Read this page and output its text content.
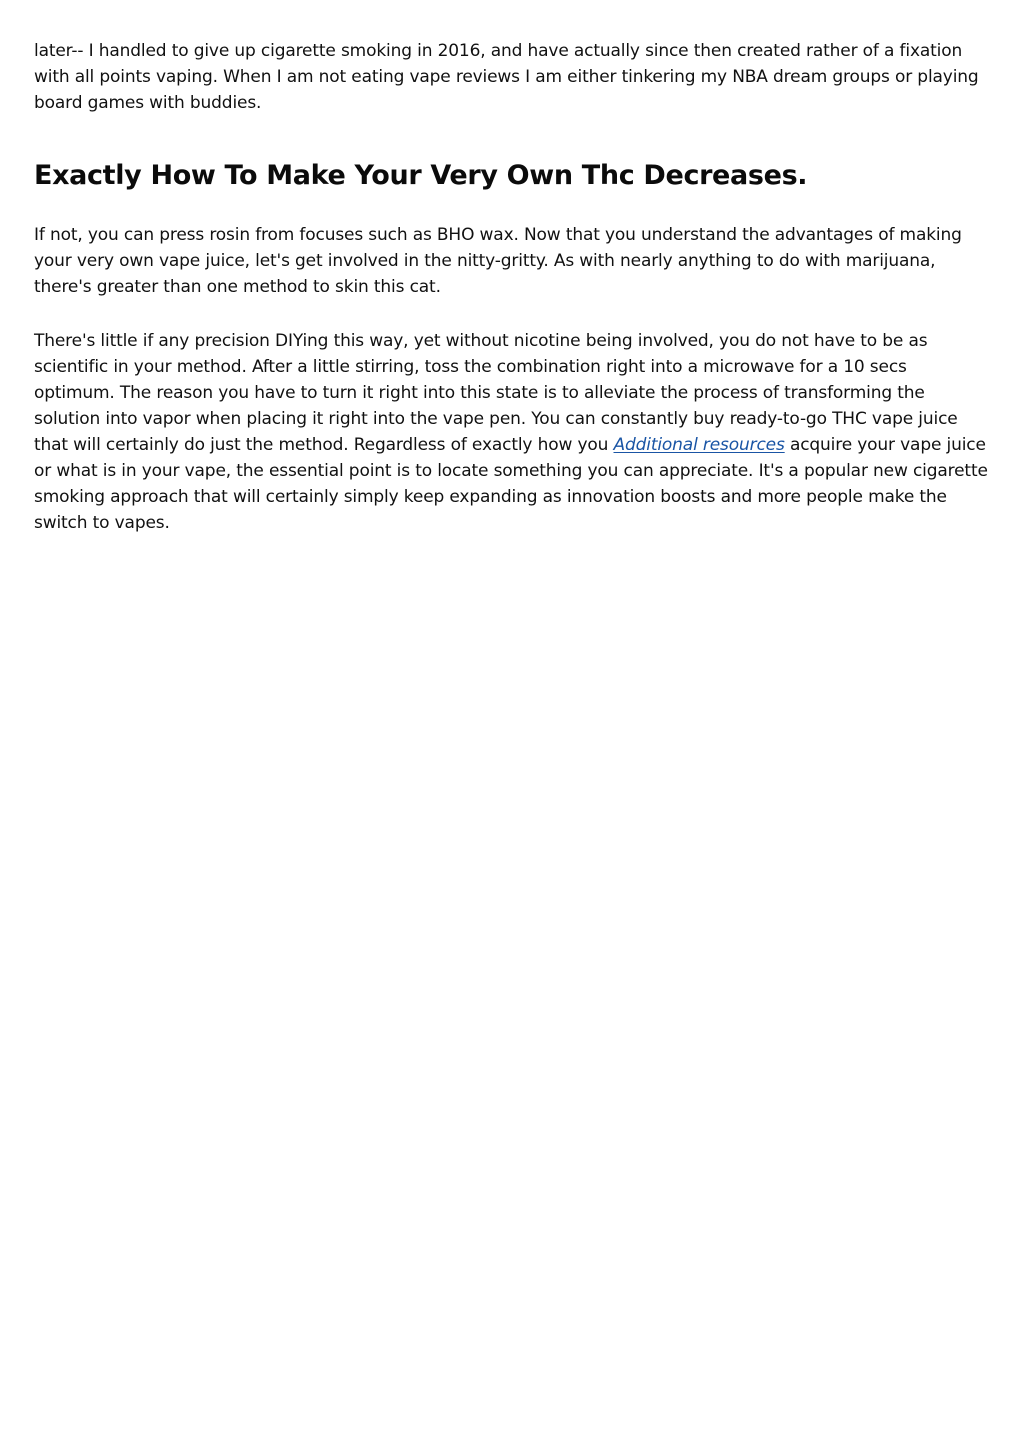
later-- I handled to give up cigarette smoking in 2016, and have actually since then created rather of a fixation with all points vaping. When I am not eating vape reviews I am either tinkering my NBA dream groups or playing board games with buddies.

Exactly How To Make Your Very Own Thc Decreases.

If not, you can press rosin from focuses such as BHO wax. Now that you understand the advantages of making your very own vape juice, let's get involved in the nitty-gritty. As with nearly anything to do with marijuana, there's greater than one method to skin this cat.

There's little if any precision DIYing this way, yet without nicotine being involved, you do not have to be as scientific in your method. After a little stirring, toss the combination right into a microwave for a 10 secs optimum. The reason you have to turn it right into this state is to alleviate the process of transforming the solution into vapor when placing it right into the vape pen. You can constantly buy ready-to-go THC vape juice that will certainly do just the method. Regardless of exactly how you Additional resources acquire your vape juice or what is in your vape, the essential point is to locate something you can appreciate. It's a popular new cigarette smoking approach that will certainly simply keep expanding as innovation boosts and more people make the switch to vapes.
